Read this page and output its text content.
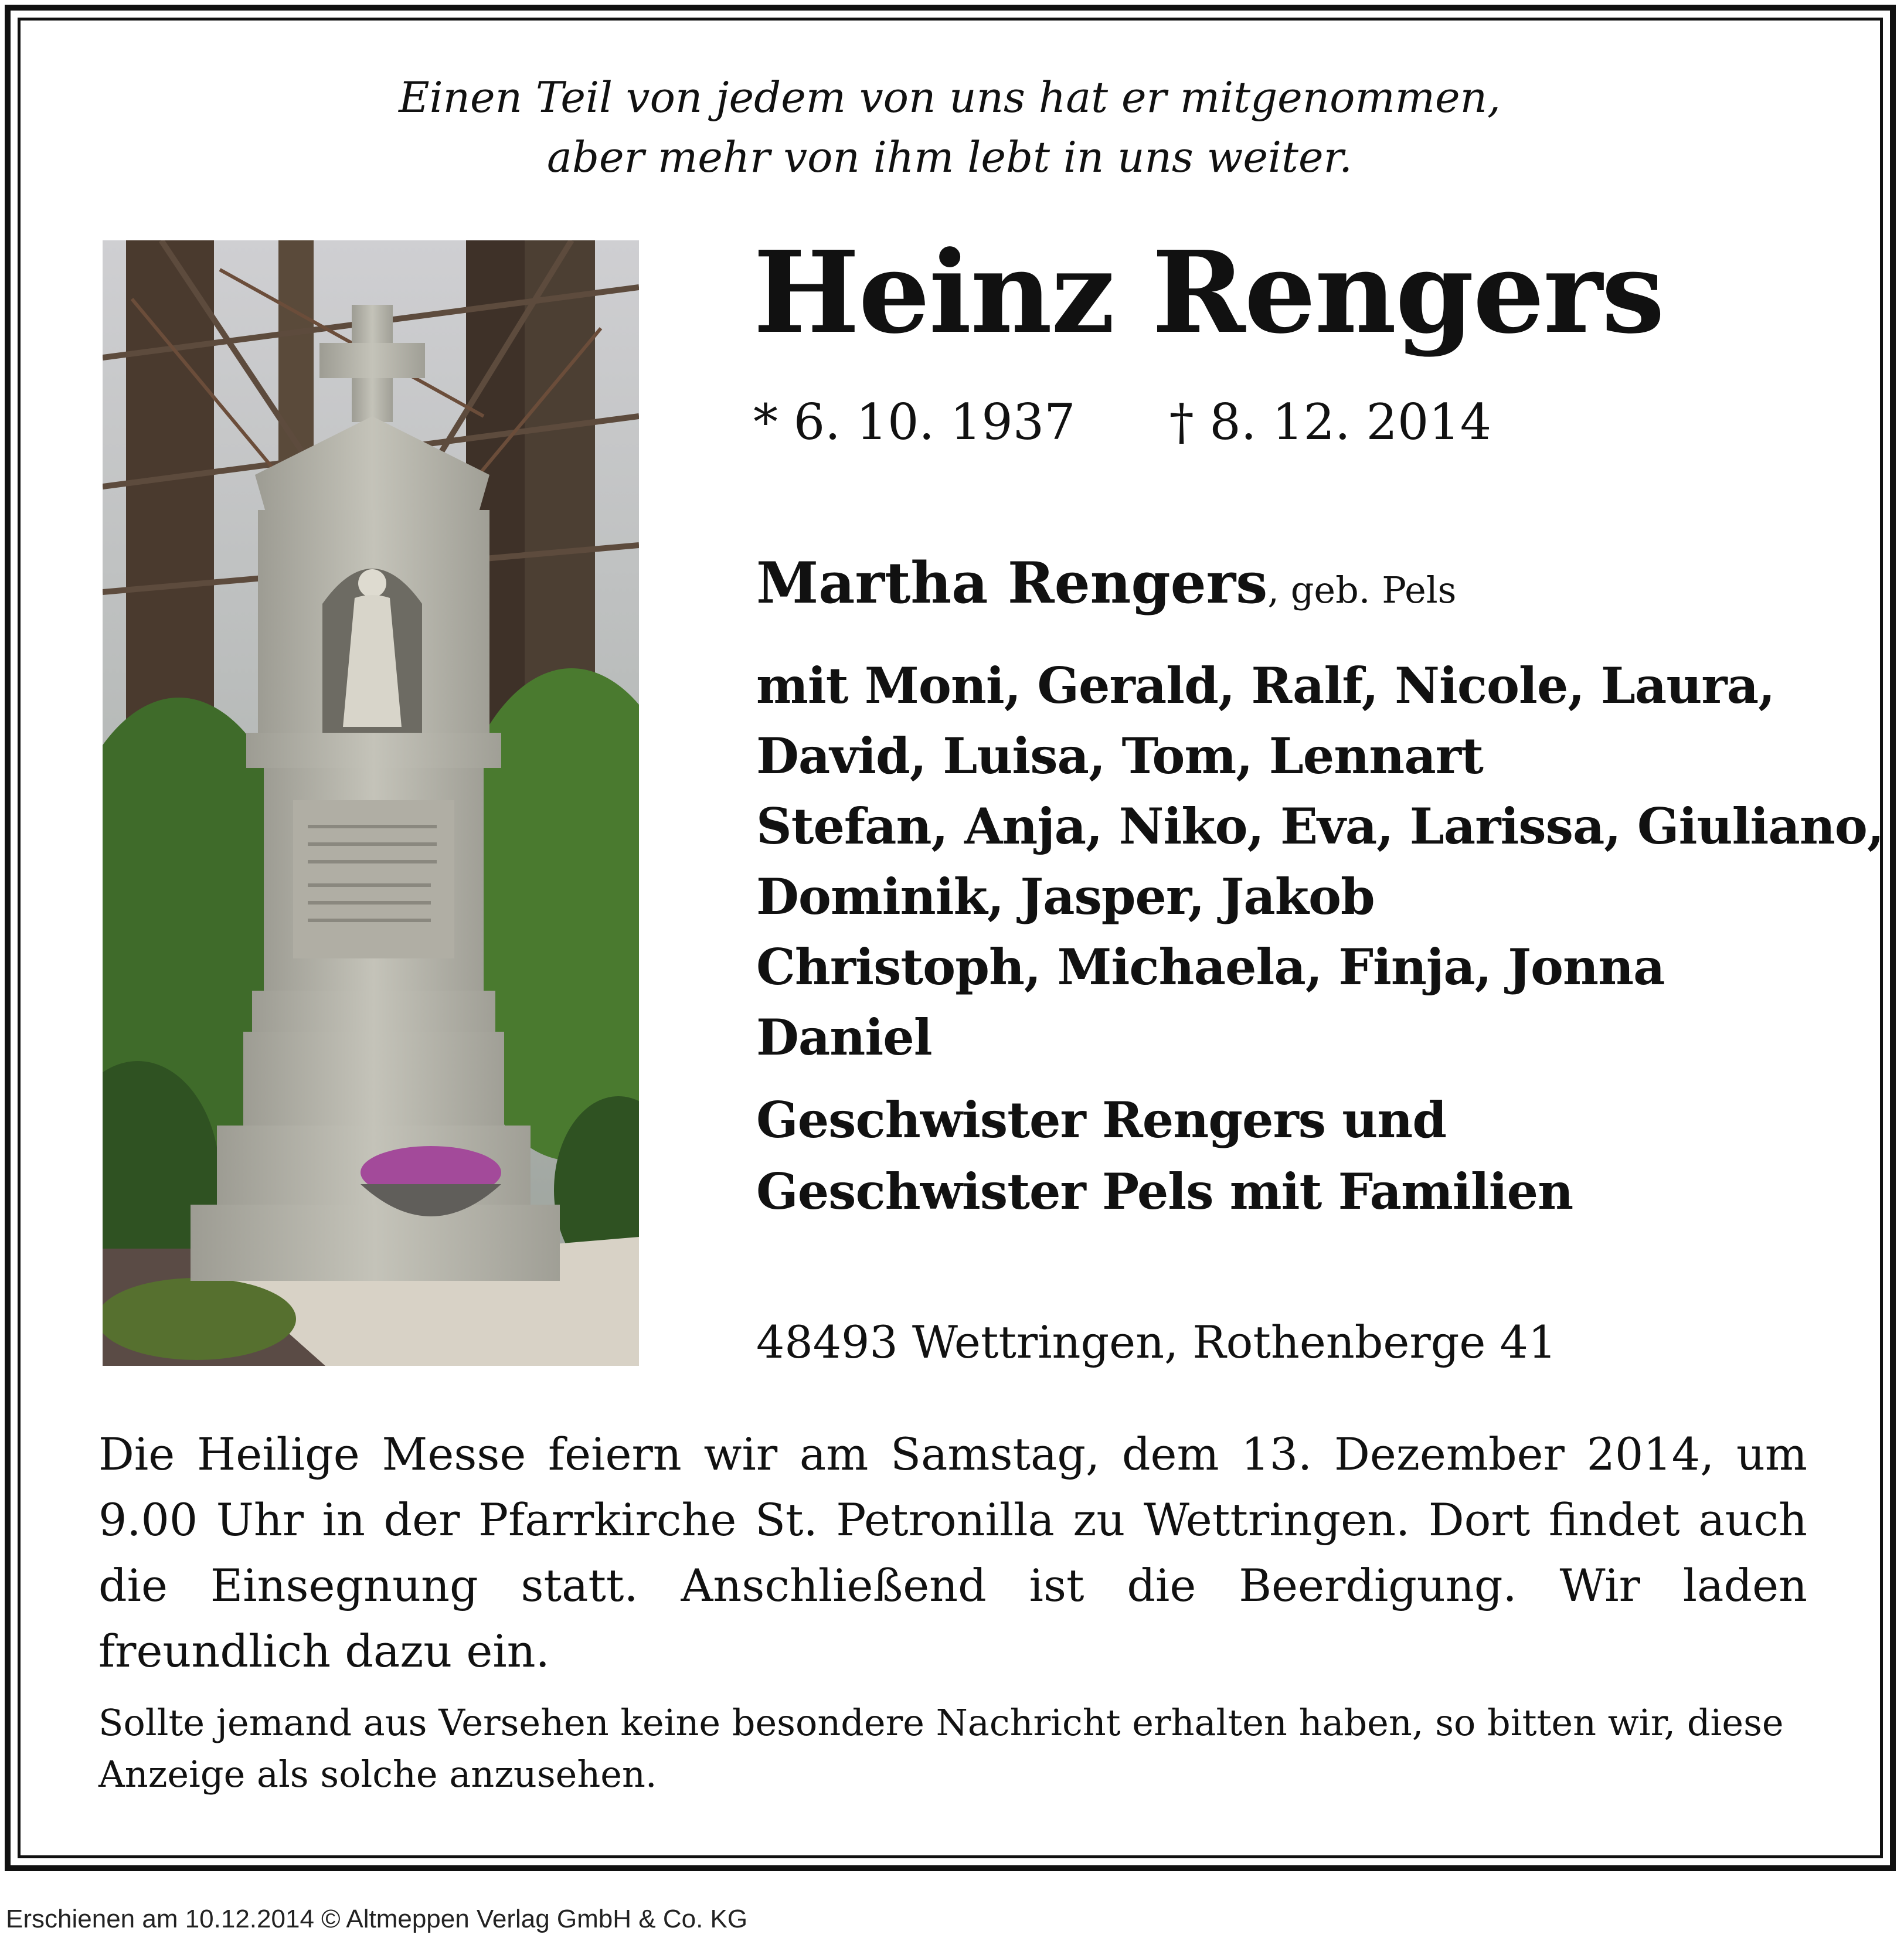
Einen Teil von jedem von uns hat er mitgenommen,
aber mehr von ihm lebt in uns weiter.
Heinz Rengers
* 6. 10. 1937 † 8. 12. 2014
Martha Rengers, geb. Pels
mit Moni, Gerald, Ralf, Nicole, Laura,
David, Luisa, Tom, Lennart
Stefan, Anja, Niko, Eva, Larissa, Giuliano,
Dominik, Jasper, Jakob
Christoph, Michaela, Finja, Jonna
Daniel
Geschwister Rengers und
Geschwister Pels mit Familien
48493 Wettringen, Rothenberge 41
Die Heilige Messe feiern wir am Samstag, dem 13. Dezember 2014, um 9.00 Uhr in der Pfarrkirche St. Petronilla zu Wettringen. Dort findet auch die Einsegnung statt. Anschließend ist die Beerdigung. Wir laden freundlich dazu ein.
Sollte jemand aus Versehen keine besondere Nachricht erhalten haben, so bitten wir, diese Anzeige als solche anzusehen.
Erschienen am 10.12.2014 © Altmeppen Verlag GmbH & Co. KG
